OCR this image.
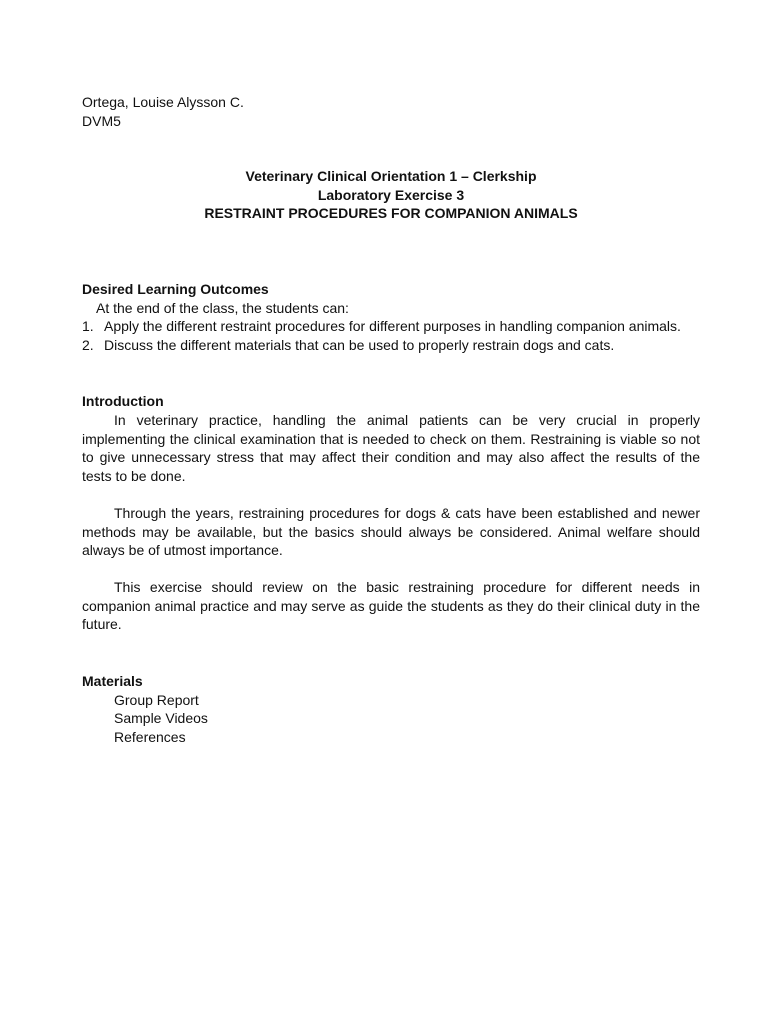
Ortega, Louise Alysson C.
DVM5
Veterinary Clinical Orientation 1 – Clerkship
Laboratory Exercise 3
RESTRAINT PROCEDURES FOR COMPANION ANIMALS
Desired Learning Outcomes
At the end of the class, the students can:
1. Apply the different restraint procedures for different purposes in handling companion animals.
2. Discuss the different materials that can be used to properly restrain dogs and cats.
Introduction

In veterinary practice, handling the animal patients can be very crucial in properly implementing the clinical examination that is needed to check on them. Restraining is viable so not to give unnecessary stress that may affect their condition and may also affect the results of the tests to be done.

Through the years, restraining procedures for dogs & cats have been established and newer methods may be available, but the basics should always be considered. Animal welfare should always be of utmost importance.

This exercise should review on the basic restraining procedure for different needs in companion animal practice and may serve as guide the students as they do their clinical duty in the future.

Materials
Group Report
Sample Videos
References
